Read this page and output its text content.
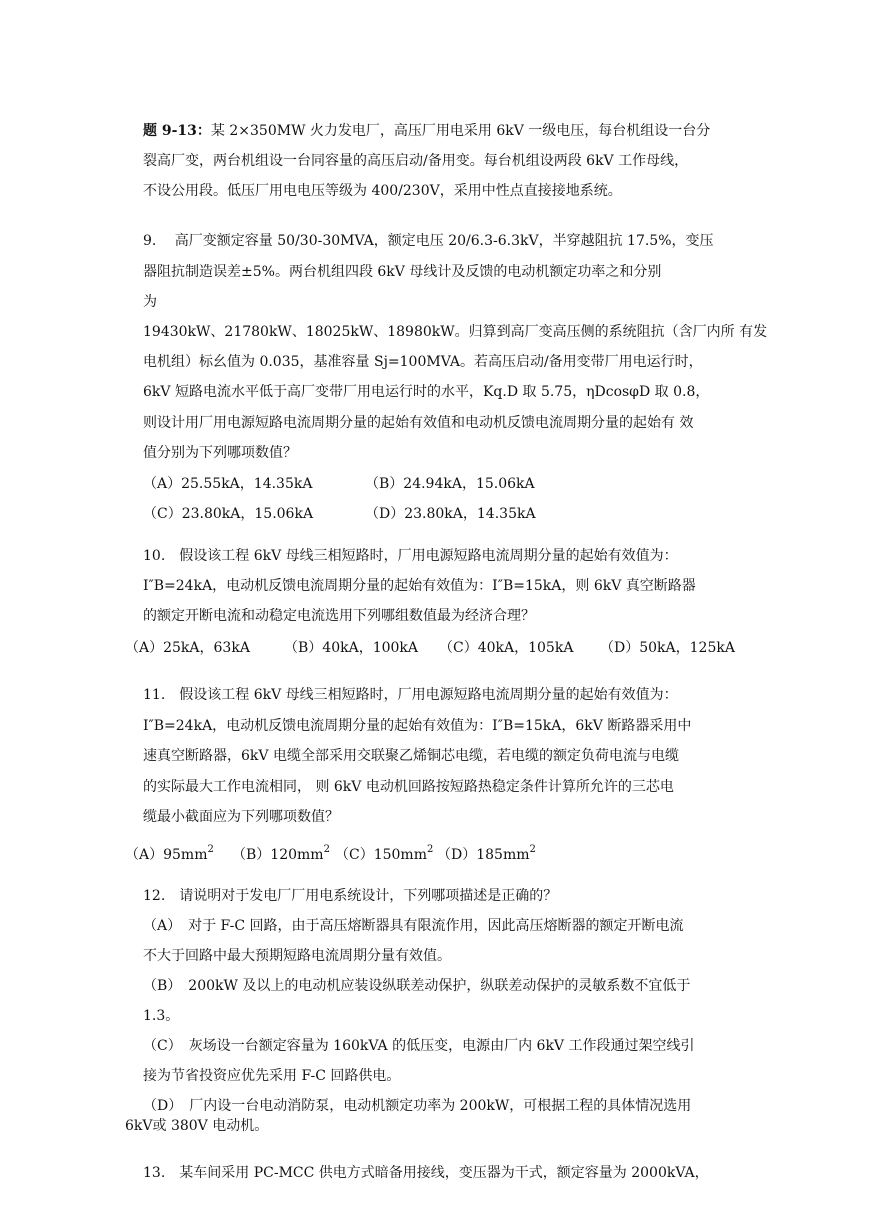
题 9-13：某 2×350MW 火力发电厂，高压厂用电采用 6kV 一级电压，每台机组设一台分
裂高厂变，两台机组设一台同容量的高压启动/备用变。每台机组设两段 6kV 工作母线，
不设公用段。低压厂用电电压等级为 400/230V，采用中性点直接接地系统。
9.　 高厂变额定容量 50/30-30MVA，额定电压 20/6.3-6.3kV，半穿越阻抗 17.5%，变压
器阻抗制造误差±5%。两台机组四段 6kV 母线计及反馈的电动机额定功率之和分别
为
19430kW、21780kW、18025kW、18980kW。归算到高厂变高压侧的系统阻抗（含厂内所 有发
电机组）标幺值为 0.035，基准容量 Sj=100MVA。若高压启动/备用变带厂用电运行时，
6kV 短路电流水平低于高厂变带厂用电运行时的水平，Kq.D 取 5.75，ηDcosφD 取 0.8，
则设计用厂用电源短路电流周期分量的起始有效值和电动机反馈电流周期分量的起始有 效
值分别为下列哪项数值？
（A）25.55kA，14.35kA	（B）24.94kA，15.06kA
（C）23.80kA，15.06kA	（D）23.80kA，14.35kA
10.　假设该工程 6kV 母线三相短路时，厂用电源短路电流周期分量的起始有效值为：
I″B=24kA，电动机反馈电流周期分量的起始有效值为：I″B=15kA，则 6kV 真空断路器
的额定开断电流和动稳定电流选用下列哪组数值最为经济合理？
（A）25kA，63kA （B）40kA，100kA （C）40kA，105kA （D）50kA，125kA
11.　假设该工程 6kV 母线三相短路时，厂用电源短路电流周期分量的起始有效值为：
I″B=24kA，电动机反馈电流周期分量的起始有效值为：I″B=15kA，6kV 断路器采用中
速真空断路器，6kV 电缆全部采用交联聚乙烯铜芯电缆，若电缆的额定负荷电流与电缆
的实际最大工作电流相同， 则 6kV 电动机回路按短路热稳定条件计算所允许的三芯电
缆最小截面应为下列哪项数值？
$(A)95mm^2$ $(B)120mm^2$ $(C)150mm^2$ $(D)185mm^2$
12.　请说明对于发电厂厂用电系统设计，下列哪项描述是正确的？
（A）　对于 F-C 回路，由于高压熔断器具有限流作用，因此高压熔断器的额定开断电流
不大于回路中最大预期短路电流周期分量有效值。
（B）　200kW 及以上的电动机应装设纵联差动保护，纵联差动保护的灵敏系数不宜低于
1.3。
（C）　灰场设一台额定容量为 160kVA 的低压变，电源由厂内 6kV 工作段通过架空线引
接为节省投资应优先采用 F-C 回路供电。
（D）　厂内设一台电动消防泵，电动机额定功率为 200kW，可根据工程的具体情况选用
6kV或 380V 电动机。
13.　某车间采用 PC-MCC 供电方式暗备用接线，变压器为干式，额定容量为 2000kVA，
